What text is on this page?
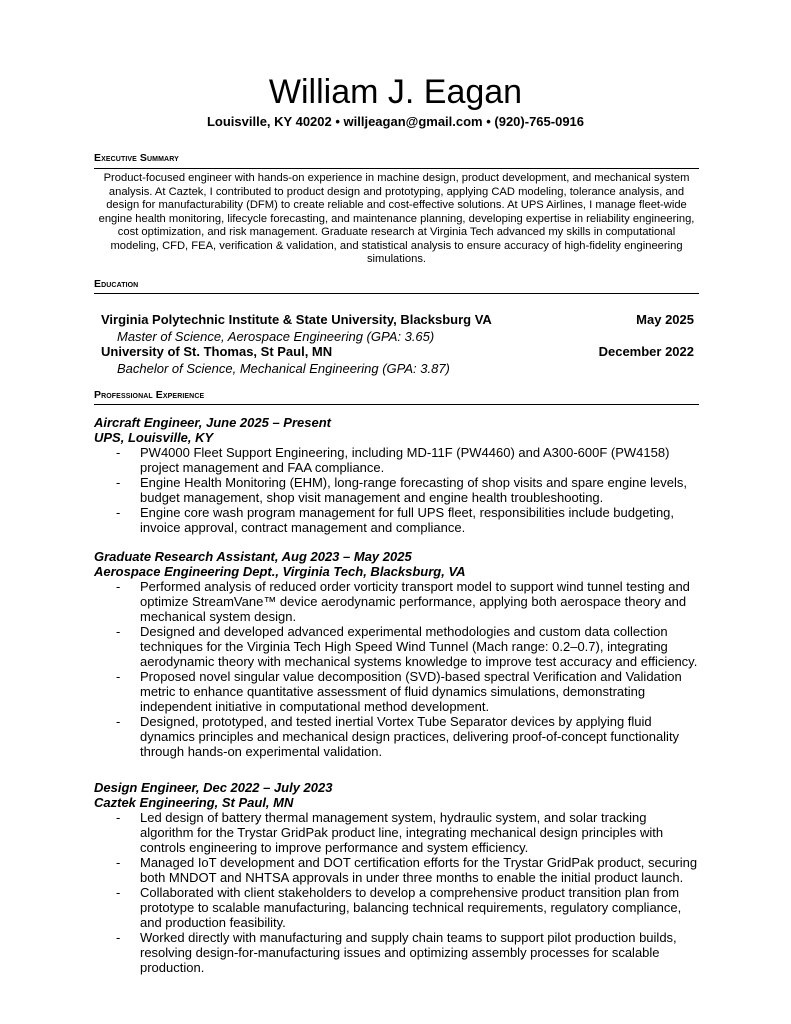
William J. Eagan
Louisville, KY 40202 • willjeagan@gmail.com • (920)-765-0916
Executive Summary
Product-focused engineer with hands-on experience in machine design, product development, and mechanical system analysis. At Caztek, I contributed to product design and prototyping, applying CAD modeling, tolerance analysis, and design for manufacturability (DFM) to create reliable and cost-effective solutions. At UPS Airlines, I manage fleet-wide engine health monitoring, lifecycle forecasting, and maintenance planning, developing expertise in reliability engineering, cost optimization, and risk management. Graduate research at Virginia Tech advanced my skills in computational modeling, CFD, FEA, verification & validation, and statistical analysis to ensure accuracy of high-fidelity engineering simulations.
Education
Virginia Polytechnic Institute & State University, Blacksburg VA	May 2025
Master of Science, Aerospace Engineering (GPA: 3.65)
University of St. Thomas, St Paul, MN	December 2022
Bachelor of Science, Mechanical Engineering (GPA: 3.87)
Professional Experience
Aircraft Engineer, June 2025 – Present
UPS, Louisville, KY
- PW4000 Fleet Support Engineering, including MD-11F (PW4460) and A300-600F (PW4158) project management and FAA compliance.
- Engine Health Monitoring (EHM), long-range forecasting of shop visits and spare engine levels, budget management, shop visit management and engine health troubleshooting.
- Engine core wash program management for full UPS fleet, responsibilities include budgeting, invoice approval, contract management and compliance.
Graduate Research Assistant, Aug 2023 – May 2025
Aerospace Engineering Dept., Virginia Tech, Blacksburg, VA
- Performed analysis of reduced order vorticity transport model to support wind tunnel testing and optimize StreamVane™ device aerodynamic performance, applying both aerospace theory and mechanical system design.
- Designed and developed advanced experimental methodologies and custom data collection techniques for the Virginia Tech High Speed Wind Tunnel (Mach range: 0.2–0.7), integrating aerodynamic theory with mechanical systems knowledge to improve test accuracy and efficiency.
- Proposed novel singular value decomposition (SVD)-based spectral Verification and Validation metric to enhance quantitative assessment of fluid dynamics simulations, demonstrating independent initiative in computational method development.
- Designed, prototyped, and tested inertial Vortex Tube Separator devices by applying fluid dynamics principles and mechanical design practices, delivering proof-of-concept functionality through hands-on experimental validation.
Design Engineer, Dec 2022 – July 2023
Caztek Engineering, St Paul, MN
- Led design of battery thermal management system, hydraulic system, and solar tracking algorithm for the Trystar GridPak product line, integrating mechanical design principles with controls engineering to improve performance and system efficiency.
- Managed IoT development and DOT certification efforts for the Trystar GridPak product, securing both MNDOT and NHTSA approvals in under three months to enable the initial product launch.
- Collaborated with client stakeholders to develop a comprehensive product transition plan from prototype to scalable manufacturing, balancing technical requirements, regulatory compliance, and production feasibility.
- Worked directly with manufacturing and supply chain teams to support pilot production builds, resolving design-for-manufacturing issues and optimizing assembly processes for scalable production.
